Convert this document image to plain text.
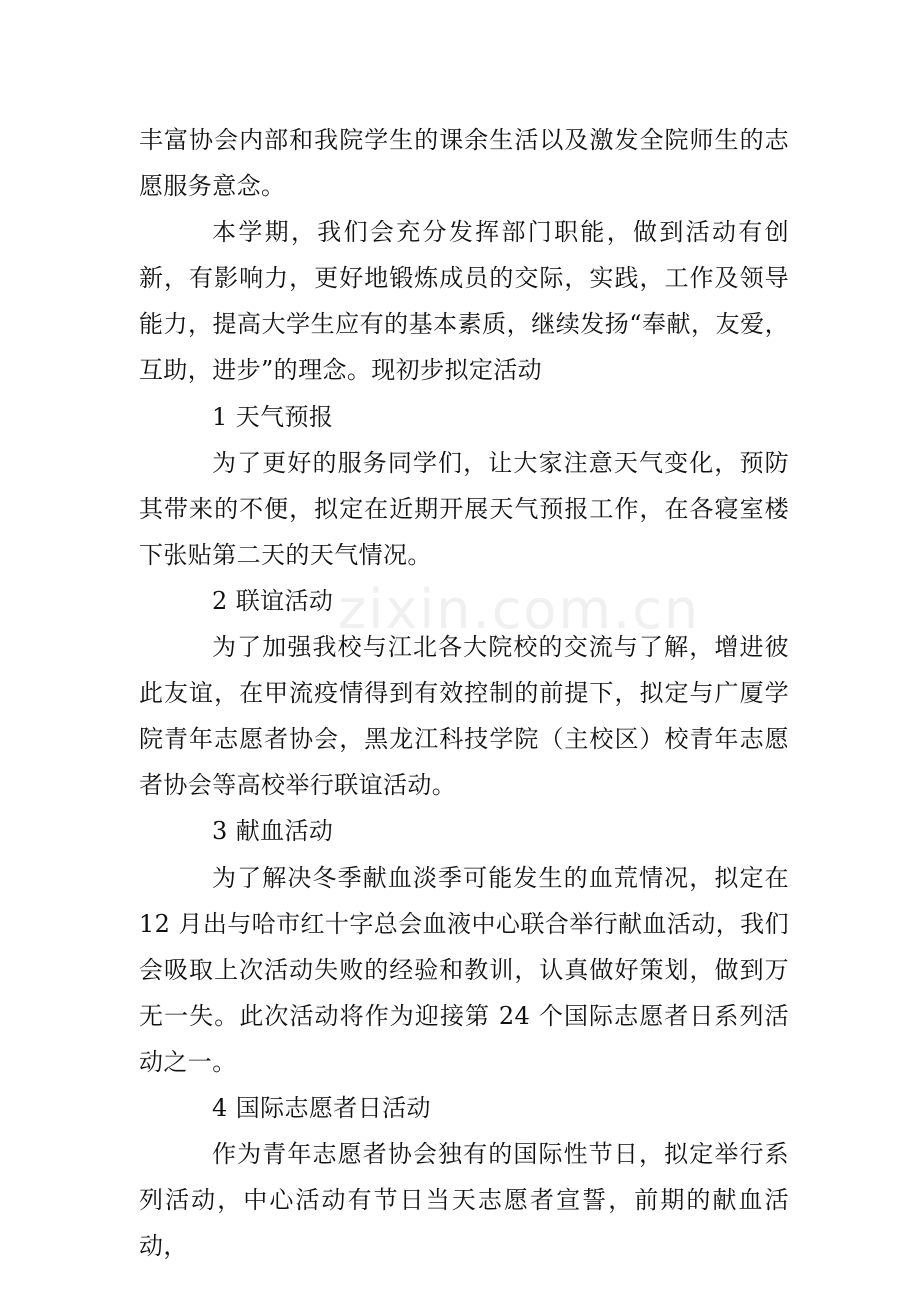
zixin.com.cn

丰富协会内部和我院学生的课余生活以及激发全院师生的志愿服务意念。

本学期，我们会充分发挥部门职能，做到活动有创新，有影响力，更好地锻炼成员的交际，实践，工作及领导能力，提高大学生应有的基本素质，继续发扬“奉献，友爱，互助，进步”的理念。现初步拟定活动

1 天气预报

为了更好的服务同学们，让大家注意天气变化，预防其带来的不便，拟定在近期开展天气预报工作，在各寝室楼下张贴第二天的天气情况。

2 联谊活动

为了加强我校与江北各大院校的交流与了解，增进彼此友谊，在甲流疫情得到有效控制的前提下，拟定与广厦学院青年志愿者协会，黑龙江科技学院（主校区）校青年志愿者协会等高校举行联谊活动。

3 献血活动

为了解决冬季献血淡季可能发生的血荒情况，拟定在12 月出与哈市红十字总会血液中心联合举行献血活动，我们会吸取上次活动失败的经验和教训，认真做好策划，做到万无一失。此次活动将作为迎接第 24 个国际志愿者日系列活动之一。

4 国际志愿者日活动

作为青年志愿者协会独有的国际性节日，拟定举行系列活动，中心活动有节日当天志愿者宣誓，前期的献血活动，
